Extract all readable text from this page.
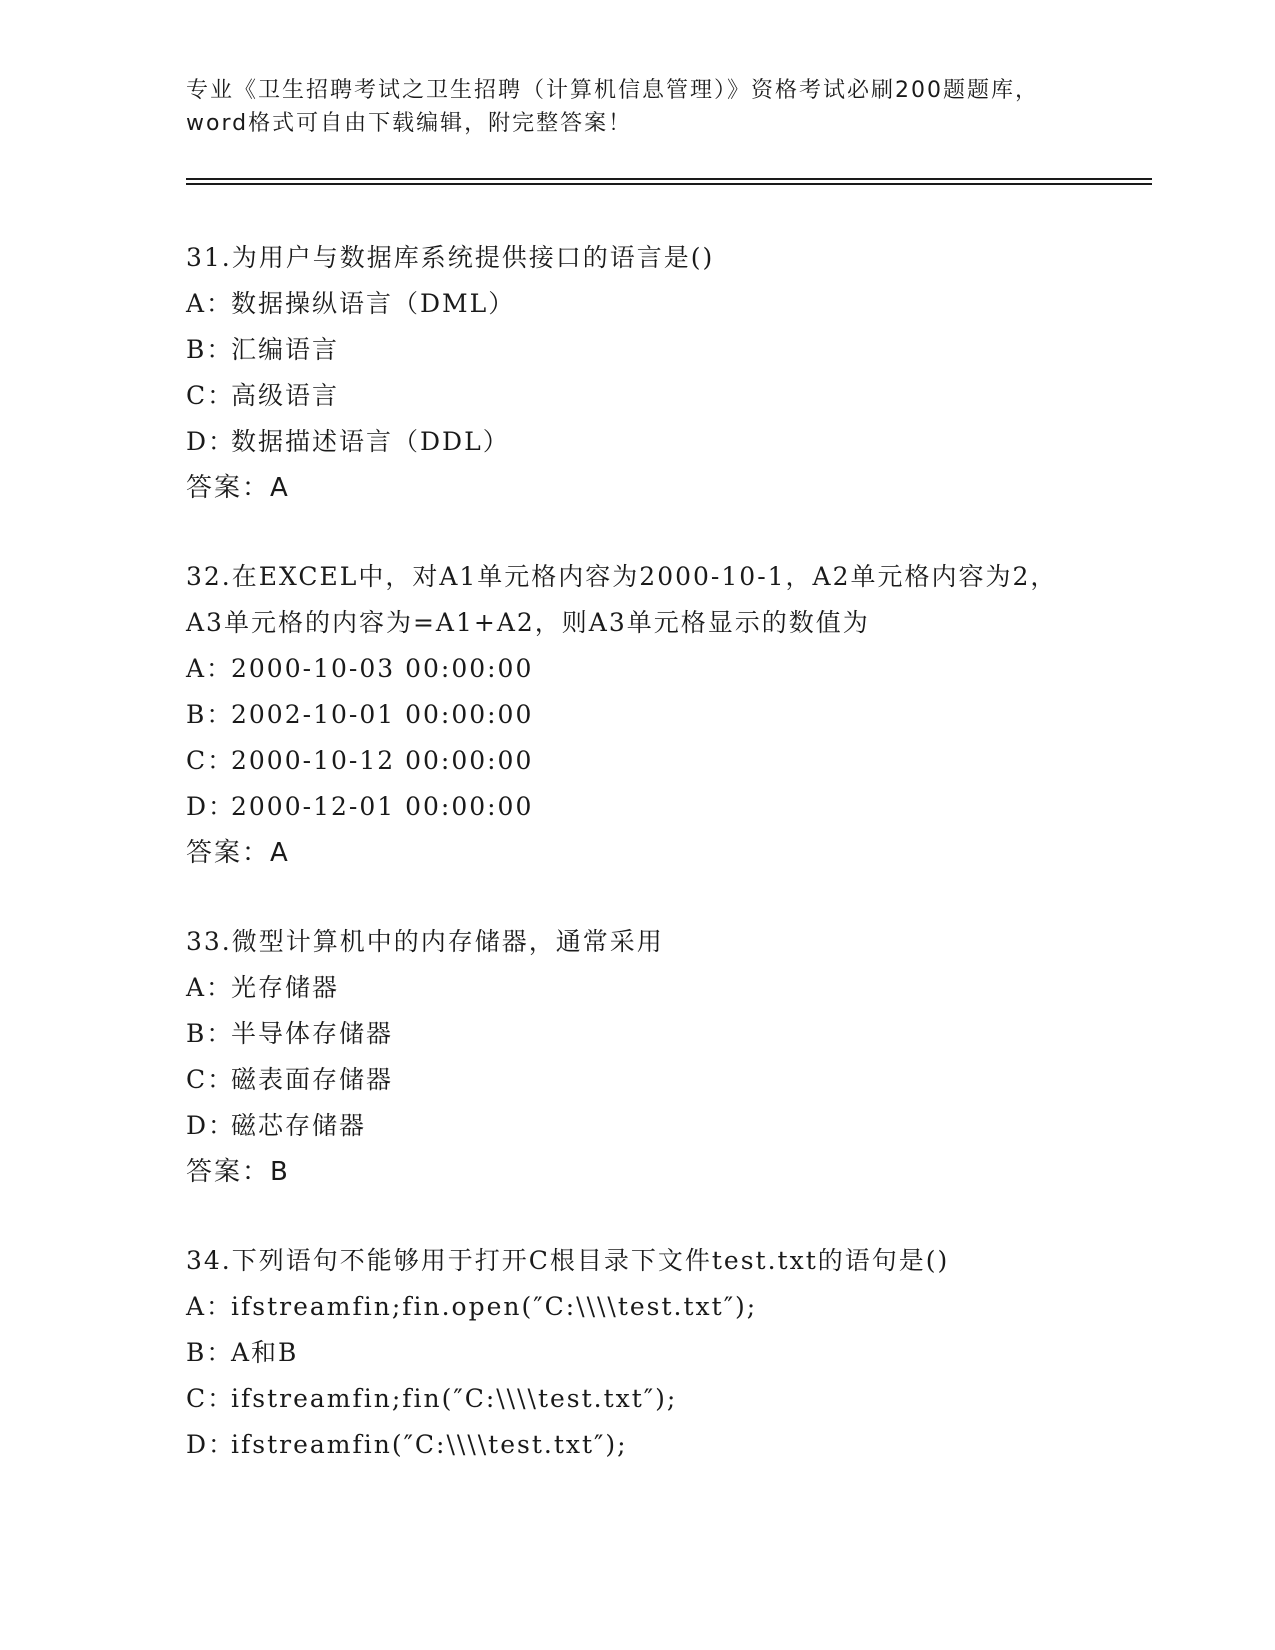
专业《卫生招聘考试之卫生招聘（计算机信息管理）》资格考试必刷200题题库，
word格式可自由下载编辑，附完整答案！
31.为用户与数据库系统提供接口的语言是()
A：数据操纵语言（DML）
B：汇编语言
C：高级语言
D：数据描述语言（DDL）
答案：A
32.在EXCEL中，对A1单元格内容为2000-10-1，A2单元格内容为2，
A3单元格的内容为=A1+A2，则A3单元格显示的数值为
A：2000-10-03 00:00:00
B：2002-10-01 00:00:00
C：2000-10-12 00:00:00
D：2000-12-01 00:00:00
答案：A
33.微型计算机中的内存储器，通常采用
A：光存储器
B：半导体存储器
C：磁表面存储器
D：磁芯存储器
答案：B
34.下列语句不能够用于打开C根目录下文件test.txt的语句是()
A：ifstreamfin;fin.open(″C:\\\\test.txt″);
B：A和B
C：ifstreamfin;fin(″C:\\\\test.txt″);
D：ifstreamfin(″C:\\\\test.txt″);
